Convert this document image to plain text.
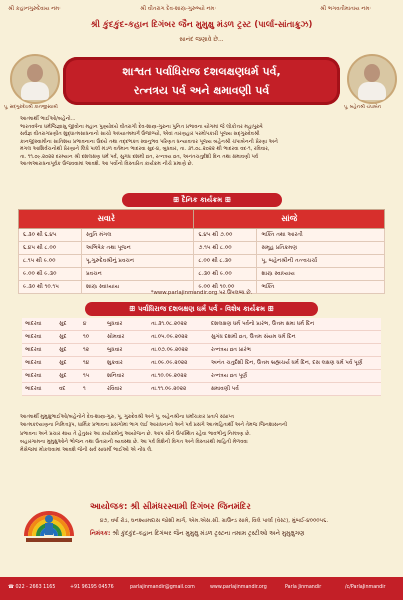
શ્રી કહાનગુરુદેવાય નમઃ	શ્રી વીતરાગ દેવ-શાસ્ત્ર-ગુરુભ્યો નમઃ	શ્રી ભગવતીમાતાય નમઃ
શ્રી કુંદકુંદ-કહાન દિગંબર જૈન મુમુક્ષુ મંડળ ટ્રસ્ટ (પાર્લા-સાંતાક્રુઝ)
સાનંદ જણાવે છે...
પૂ. સદ્ગુરુદેવશ્રી કાનજીસ્વામી
શાશ્વત પર્વાધિરાજ દશલક્ષણધર્મ પર્વ,
રત્નત્રય પર્વ અને ક્ષમાવણી પર્વ
પૂ. બહેનશ્રી ચંપાબેન

આત્માર્થી ભાઈઓ/બહેનો...

ભારતવર્ષના ધર્મજિજ્ઞાસુ જીવોના મહાન પુણ્યોદયે વીતરાગી દેવ-શાસ્ત્ર-ગુરુના પુનિત પ્રભાવના યોગમાં જે લોકોત્તર મહાપુરુષે

સર્વજ્ઞ વીતરાગપ્રણીત શુદ્ધાત્મસાધનાનો સાચો અધ્યાત્મમાર્ગ ઉજાળ્યો, એવાં તારણહાર પરમોપકારી પૂજ્ય સદ્ગુરુદેવશ્રી

કાનજીસ્વામીના સાતિશય પ્રભાવનાના ઉદયે તથા તદ્દભક્ત સ્વાનુભવ પરિણત ધન્યાવતાર પૂજ્ય બહેનશ્રી ચંપાબેનની પ્રેરણા અને

મંગલ આશિર્વચનોથી પ્રેરણાને લિધે પાર્લા મંડળ વર્તમાન ભાદરવા સુદ-૪, બુધવાર, તા. ૩૧.૦૮.૨૦૨૨ થી ભાદરવા વદ-૧, રવિવાર,

તા. ૧૧.૦૯.૨૦૨૨ દરમ્યાન શ્રી દશલક્ષણ ધર્મ પર્વ, સુગંધ દશમી વ્રત, રત્નત્રય વ્રત, અનંતચતુર્દશી દિન તથા ક્ષમાવણી પર્વ

આત્મઆરાધનાપૂર્વક ઉજવવામાં આવશે. આ પર્વોનો વિસ્તારિત કાર્યક્રમ નીચે પ્રમાણે છે.

ꕥ દૈનિક કાર્યક્રમ ꕥ
સવારે		સાંજે	
૬.૩૦ થી ૬.૪૫	સ્તુતિ મંગલ	૬.૪૫ થી ૭.૦૦	ભક્તિ તથા આરતી
૬.૪૫ થી ૮.૦૦	અભિષેક તથા પૂજન	૭.૧૫ થી ૮.૦૦	સમૂહ પ્રતિક્રમણ
૮.૧૫ થી ૯.૦૦	પૂ.ગુરુદેવશ્રીનું પ્રવચન	૮.૦૦ થી ૮.૩૦	પૂ. બહેનશ્રીની તત્ત્વચર્ચા
૯.૦૦ થી ૯.૩૦	પ્રવચન	૮.૩૦ થી ૯.૦૦	શાસ્ત્ર સ્વાધ્યાય
૯.૩૦ થી ૧૦.૧૫	શાસ્ત્ર સ્વાધ્યાય	૯.૦૦ થી ૧૦.૦૦	ભક્તિ
*www.parlajinmandir.org પર ઉપલબ્ધ છે.
ꕥ પર્વાધિરાજ દશલક્ષણ ધર્મ પર્વ - વિશેષ કાર્યક્રમ ꕥ
ભાદરવા	સુદ	૪	બુધવાર	તા.૩૧.૦૮.૨૦૨૨	દશલક્ષણ ધર્મ પર્વનો પ્રારંભ, ઉત્તમ ક્ષમા ધર્મ દિન
ભાદરવા	સુદ	૧૦	સોમવાર	તા.૦૫.૦૯.૨૦૨૨	સુગંધ દશમી વ્રત, ઉત્તમ સંયમ ધર્મ દિન
ભાદરવા	સુદ	૧૨	બુધવાર	તા.૦૭.૦૯.૨૦૨૨	રત્નત્રય વ્રત પ્રારંભ
ભાદરવા	સુદ	૧૪	શુક્રવાર	તા.૦૯.૦૯.૨૦૨૨	અનંત ચતુર્દશી દિન, ઉત્તમ બ્રહ્મચર્ય ધર્મ દિન, દસ લક્ષણ ધર્મ પર્વ પૂર્ણ
ભાદરવા	સુદ	૧૫	શનિવાર	તા.૧૦.૦૯.૨૦૨૨	રત્નત્રય વ્રત પૂર્ણ
ભાદરવા	વદ	૧	રવિવાર	તા.૧૧.૦૯.૨૦૨૨	ક્ષમાવણી પર્વ
આત્માર્થી મુમુક્ષુભાઈઓ/બહેનોને દેવ-શાસ્ત્ર-ગુરુ, પૂ. ગુરુદેવશ્રી અને પૂ. બહેનશ્રીના ધર્માંચકાર પ્રતાપે સંપ્રાપ્ત
આત્મકલ્યાણના નિમિત્તરૂપ, ધાર્મિક પ્રભાવના પ્રસંગોમાં ભાગ લઈ આરાધનાનો અને પર્વ પ્રસંગે આત્મહિતાર્થી અને તેમજ જિનશાસનની
પ્રભાવના અને પ્રચાર થાય તે હેતુસર આ કાર્યક્રમોનું આયોજન છે. આપ સૌને ઉપસ્થિત રહેવા ભાવભીનું નિમંત્રણ છે.
બહારગામના મુમુક્ષુઓને ભોજન તથા ઉતારાની વ્યવસ્થા છે. આ પર્વ વિશેની વિગત અને વિસ્તારથી માહિતી મેળવવા
મેસેજમાં મોકલવામાં આવશે જેની સર્વ સાધર્મી ભાઈઓ એ નોંધ લે.
આયોજક: શ્રી સીમંધરસ્વામી દિગંબર જિનમંદિર
૪૭, વર્ષા રોડ, ઘનશ્યામદાસ જોશી માર્ગ, એમ.એસ.સી. ગ્રાઉન્ડ સામે, વિલે પાર્લા (વેસ્ટ), મુંબઈ-૪૦૦૦૫૬.
નિમંત્રક: શ્રી કુંદકુંદ-કહાન દિગંબર જૈન મુમુક્ષુ મંડળ ટ્રસ્ટના તમામ ટ્રસ્ટીઓ અને મુમુક્ષુગણ
☎ 022 - 2663 1165	+91 96195 04576	parlajinmandir@gmail.com	www.parlajinmandir.org	Parla Jinmandir	/c/ParlaJinmandir
